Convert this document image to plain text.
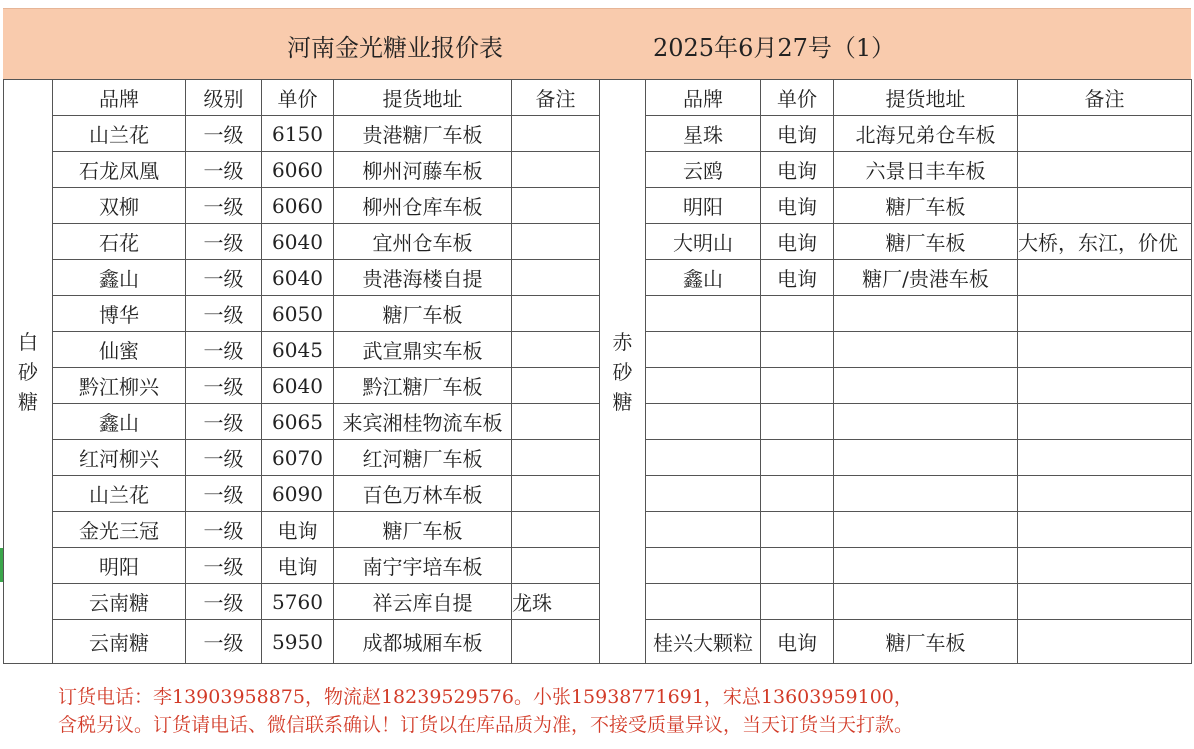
河南金光糖业报价表	2025年6月27号（1）
白
砂
糖	品牌	级别	单价	提货地址	备注
	山兰花	一级	6150	贵港糖厂车板	
	石龙凤凰	一级	6060	柳州河藤车板	
	双柳	一级	6060	柳州仓库车板	
	石花	一级	6040	宜州仓车板	
	鑫山	一级	6040	贵港海楼自提	
	博华	一级	6050	糖厂车板	
	仙蜜	一级	6045	武宣鼎实车板	
	黔江柳兴	一级	6040	黔江糖厂车板	
	鑫山	一级	6065	来宾湘桂物流车板	
	红河柳兴	一级	6070	红河糖厂车板	
	山兰花	一级	6090	百色万林车板	
	金光三冠	一级	电询	糖厂车板	
	明阳	一级	电询	南宁宇培车板	
	云南糖	一级	5760	祥云库自提	龙珠
	云南糖	一级	5950	成都城厢车板	
赤
砂
糖	品牌	单价	提货地址	备注
	星珠	电询	北海兄弟仓车板	
	云鸥	电询	六景日丰车板	
	明阳	电询	糖厂车板	
	大明山	电询	糖厂车板	大桥，东江，价优
	鑫山	电询	糖厂/贵港车板	

	桂兴大颗粒	电询	糖厂车板	
订货电话：李13903958875，物流赵18239529576。小张15938771691，宋总13603959100，
含税另议。订货请电话、微信联系确认！订货以在库品质为准，不接受质量异议，当天订货当天打款。
